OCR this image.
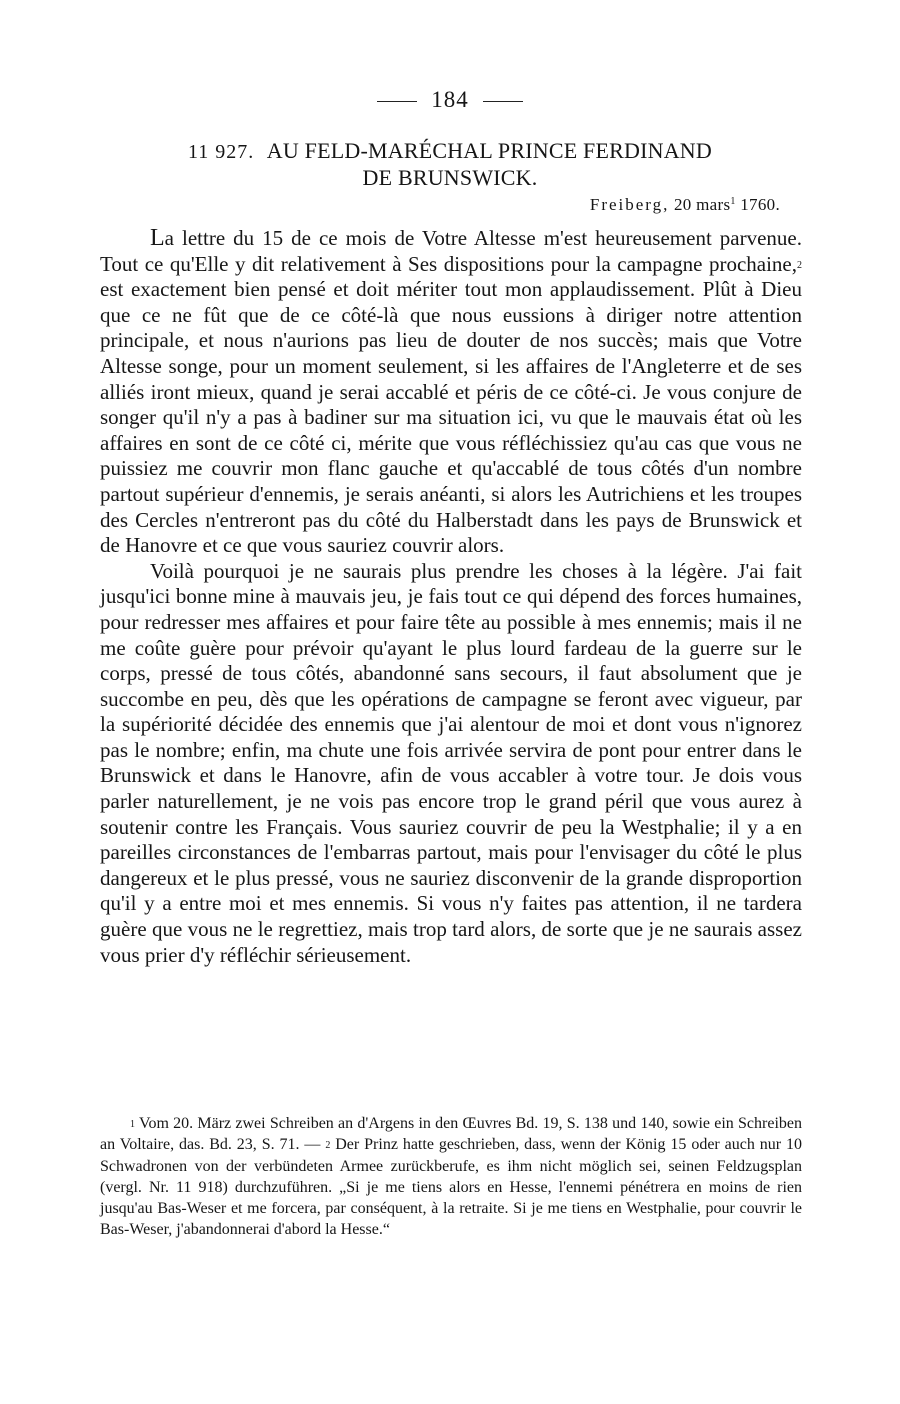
184
11 927. AU FELD-MARÉCHAL PRINCE FERDINAND
DE BRUNSWICK.
Freiberg, 20 mars$^1$ 1760.

La lettre du 15 de ce mois de Votre Altesse m'est heureusement parvenue. Tout ce qu'Elle y dit relativement à Ses dispositions pour la campagne prochaine,$^2$ est exactement bien pensé et doit mériter tout mon applaudissement. Plût à Dieu que ce ne fût que de ce côté-là que nous eussions à diriger notre attention principale, et nous n'aurions pas lieu de douter de nos succès; mais que Votre Altesse songe, pour un moment seulement, si les affaires de l'Angleterre et de ses alliés iront mieux, quand je serai accablé et péris de ce côté-ci. Je vous conjure de songer qu'il n'y a pas à badiner sur ma situation ici, vu que le mauvais état où les affaires en sont de ce côté ci, mérite que vous réfléchissiez qu'au cas que vous ne puissiez me couvrir mon flanc gauche et qu'accablé de tous côtés d'un nombre partout supérieur d'ennemis, je serais anéanti, si alors les Autrichiens et les troupes des Cercles n'entreront pas du côté du Halberstadt dans les pays de Brunswick et de Hanovre et ce que vous sauriez couvrir alors.

Voilà pourquoi je ne saurais plus prendre les choses à la légère. J'ai fait jusqu'ici bonne mine à mauvais jeu, je fais tout ce qui dépend des forces humaines, pour redresser mes affaires et pour faire tête au possible à mes ennemis; mais il ne me coûte guère pour prévoir qu'ayant le plus lourd fardeau de la guerre sur le corps, pressé de tous côtés, abandonné sans secours, il faut absolument que je succombe en peu, dès que les opérations de campagne se feront avec vigueur, par la supériorité décidée des ennemis que j'ai alentour de moi et dont vous n'ignorez pas le nombre; enfin, ma chute une fois arrivée servira de pont pour entrer dans le Brunswick et dans le Hanovre, afin de vous accabler à votre tour. Je dois vous parler naturellement, je ne vois pas encore trop le grand péril que vous aurez à soutenir contre les Français. Vous sauriez couvrir de peu la Westphalie; il y a en pareilles circonstances de l'embarras partout, mais pour l'envisager du côté le plus dangereux et le plus pressé, vous ne sauriez disconvenir de la grande disproportion qu'il y a entre moi et mes ennemis. Si vous n'y faites pas attention, il ne tardera guère que vous ne le regrettiez, mais trop tard alors, de sorte que je ne saurais assez vous prier d'y réfléchir sérieusement.

$^1$ Vom 20. März zwei Schreiben an d'Argens in den Œuvres Bd. 19, S. 138 und 140, sowie ein Schreiben an Voltaire, das. Bd. 23, S. 71. — $^2$ Der Prinz hatte geschrieben, dass, wenn der König 15 oder auch nur 10 Schwadronen von der verbündeten Armee zurückberufe, es ihm nicht möglich sei, seinen Feldzugsplan (vergl. Nr. 11 918) durchzuführen. „Si je me tiens alors en Hesse, l'ennemi pénétrera en moins de rien jusqu'au Bas-Weser et me forcera, par conséquent, à la retraite. Si je me tiens en Westphalie, pour couvrir le Bas-Weser, j'abandonnerai d'abord la Hesse.“
